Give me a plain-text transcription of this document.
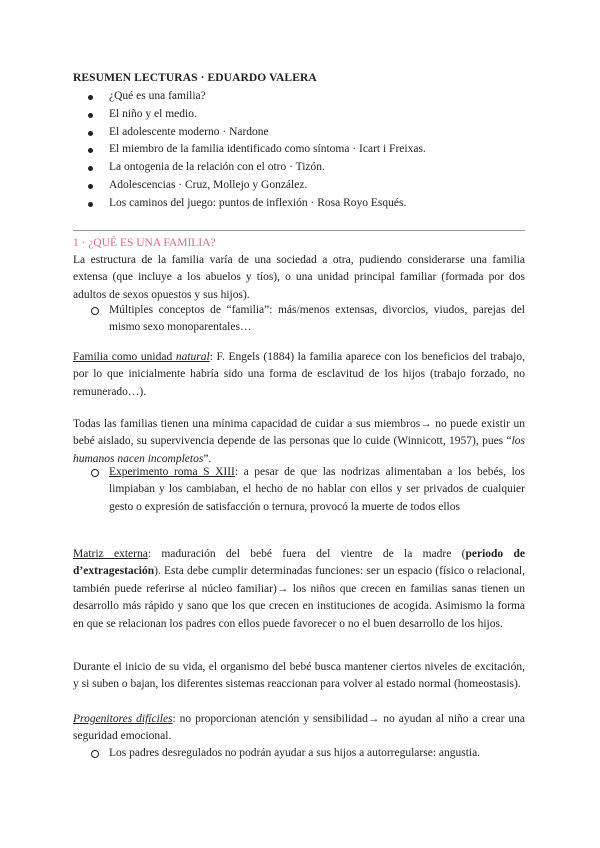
RESUMEN LECTURAS · EDUARDO VALERA
¿Qué es una familia?
El niño y el medio.
El adolescente moderno · Nardone
El miembro de la familia identificado como síntoma · Icart i Freixas.
La ontogenia de la relación con el otro · Tizón.
Adolescencias · Cruz, Mollejo y González.
Los caminos del juego: puntos de inflexión · Rosa Royo Esqués.
1 · ¿QUÉ ES UNA FAMILIA?
La estructura de la familia varía de una sociedad a otra, pudiendo considerarse una familia extensa (que incluye a los abuelos y tíos), o una unidad principal familiar (formada por dos adultos de sexos opuestos y sus hijos).
Múltiples conceptos de “familia”: más/menos extensas, divorcios, viudos, parejas del mismo sexo monoparentales…
Familia como unidad natural: F. Engels (1884) la familia aparece con los beneficios del trabajo, por lo que inicialmente habría sido una forma de esclavitud de los hijos (trabajo forzado, no remunerado…).
Todas las familias tienen una mínima capacidad de cuidar a sus miembros→ no puede existir un bebé aislado, su supervivencia depende de las personas que lo cuide (Winnicott, 1957), pues “los humanos nacen incompletos”.
Experimento roma S XIII: a pesar de que las nodrizas alimentaban a los bebés, los limpiaban y los cambiaban, el hecho de no hablar con ellos y ser privados de cualquier gesto o expresión de satisfacción o ternura, provocó la muerte de todos ellos
Matriz externa: maduración del bebé fuera del vientre de la madre (periodo de d’extragestación). Esta debe cumplir determinadas funciones: ser un espacio (físico o relacional, también puede referirse al núcleo familiar)→ los niños que crecen en familias sanas tienen un desarrollo más rápido y sano que los que crecen en instituciones de acogida. Asimismo la forma en que se relacionan los padres con ellos puede favorecer o no el buen desarrollo de los hijos.
Durante el inicio de su vida, el organismo del bebé busca mantener ciertos niveles de excitación, y si suben o bajan, los diferentes sistemas reaccionan para volver al estado normal (homeostasis).
Progenitores difíciles: no proporcionan atención y sensibilidad→ no ayudan al niño a crear una seguridad emocional.
Los padres desregulados no podrán ayudar a sus hijos a autorregularse: angustia.
